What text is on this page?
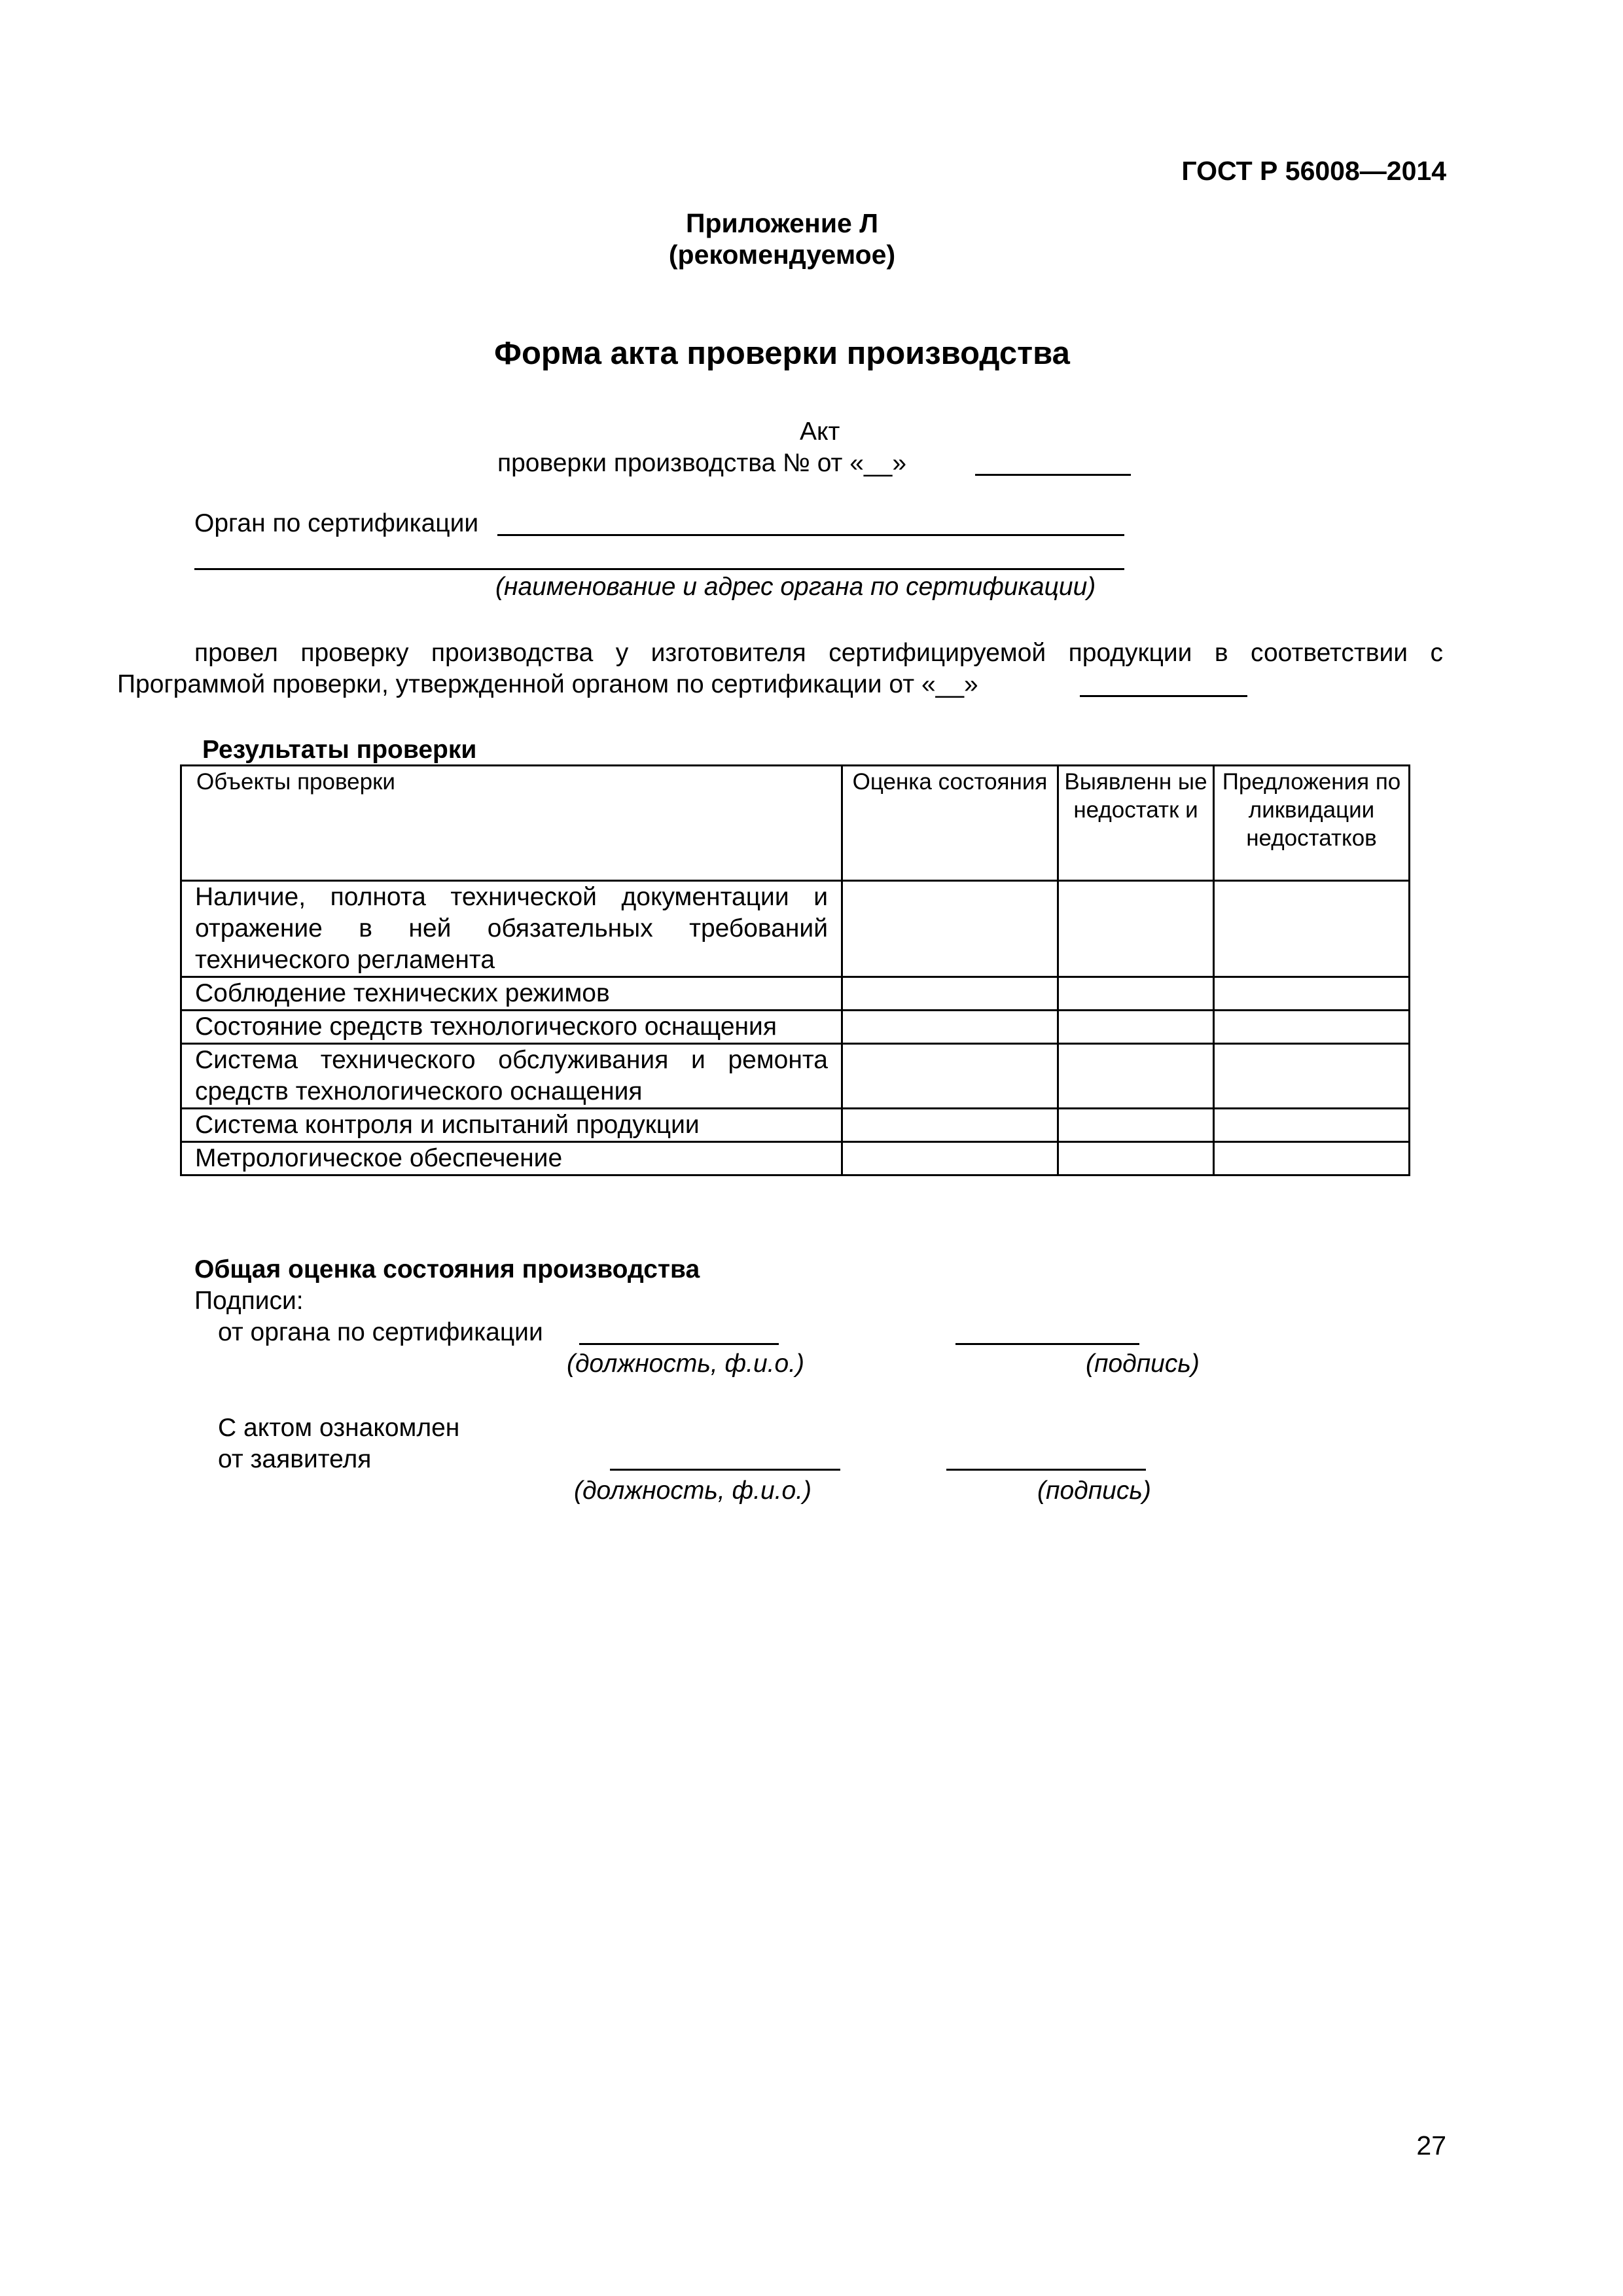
ГОСТ Р 56008—2014
Приложение Л
(рекомендуемое)
Форма акта проверки производства
Акт
проверки производства № от «__»
Орган по сертификации
(наименование и адрес органа по сертификации)
провел проверку производства у изготовителя сертифицируемой продукции в соответствии с
Программой проверки, утвержденной органом по сертификации от «__»
Результаты проверки
Объекты проверки	Оценка состояния	Выявленн ые недостатк и	Предложения по ликвидации недостатков
Наличие, полнота технической документации и отражение в ней обязательных требований технического регламента			
Соблюдение технических режимов			
Состояние средств технологического оснащения			
Система технического обслуживания и ремонта средств технологического оснащения			
Система контроля и испытаний продукции			
Метрологическое обеспечение			
Общая оценка состояния производства
Подписи:
от органа по сертификации
(должность, ф.и.о.)	(подпись)
С актом ознакомлен
от заявителя
(должность, ф.и.о.)	(подпись)
27
